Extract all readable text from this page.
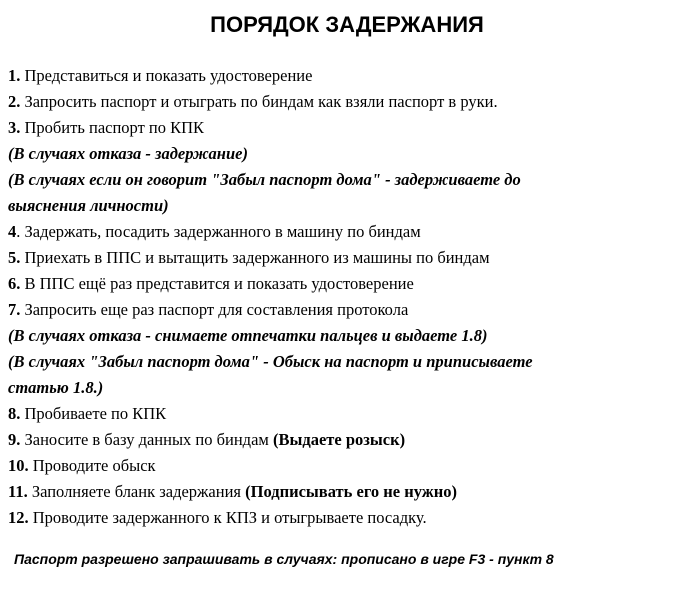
ПОРЯДОК ЗАДЕРЖАНИЯ
1. Представиться и показать удостоверение
2. Запросить паспорт и отыграть по биндам как взяли паспорт в руки.
3. Пробить паспорт по КПК
(В случаях отказа - задержание)
(В случаях если он говорит "Забыл паспорт дома" - задерживаете до
выяснения личности)
4. Задержать, посадить задержанного в машину по биндам
5. Приехать в ППС и вытащить задержанного из машины по биндам
6. В ППС ещё раз представится и показать удостоверение
7. Запросить еще раз паспорт для составления протокола
(В случаях отказа - снимаете отпечатки пальцев и выдаете 1.8)
(В случаях "Забыл паспорт дома" - Обыск на паспорт и приписываете
статью 1.8.)
8. Пробиваете по КПК
9. Заносите в базу данных по биндам (Выдаете розыск)
10. Проводите обыск
11. Заполняете бланк задержания (Подписывать его не нужно)
12. Проводите задержанного к КПЗ и отыгрываете посадку.
Паспорт разрешено запрашивать в случаях: прописано в игре F3 - пункт 8
